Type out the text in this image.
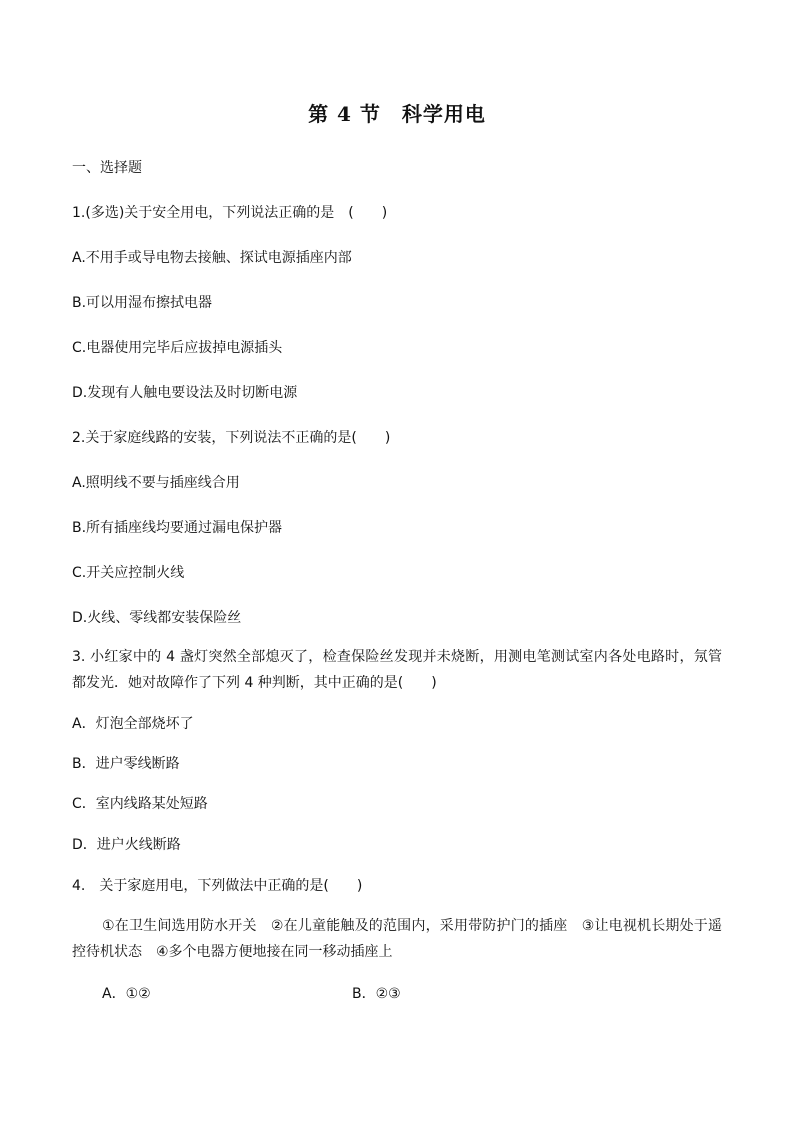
第 4 节　科学用电
一、选择题
1.(多选)关于安全用电，下列说法正确的是　(　　)
A.不用手或导电物去接触、探试电源插座内部
B.可以用湿布擦拭电器
C.电器使用完毕后应拔掉电源插头
D.发现有人触电要设法及时切断电源
2.关于家庭线路的安装，下列说法不正确的是(　　)
A.照明线不要与插座线合用
B.所有插座线均要通过漏电保护器
C.开关应控制火线
D.火线、零线都安装保险丝
3. 小红家中的 4 盏灯突然全部熄灭了，检查保险丝发现并未烧断，用测电笔测试室内各处电路时，氖管都发光．她对故障作了下列 4 种判断，其中正确的是(　　)
A．灯泡全部烧坏了
B．进户零线断路
C．室内线路某处短路
D．进户火线断路
4.　关于家庭用电，下列做法中正确的是(　　)
①在卫生间选用防水开关　②在儿童能触及的范围内，采用带防护门的插座　③让电视机长期处于遥控待机状态　④多个电器方便地接在同一移动插座上
A．①②	B．②③
